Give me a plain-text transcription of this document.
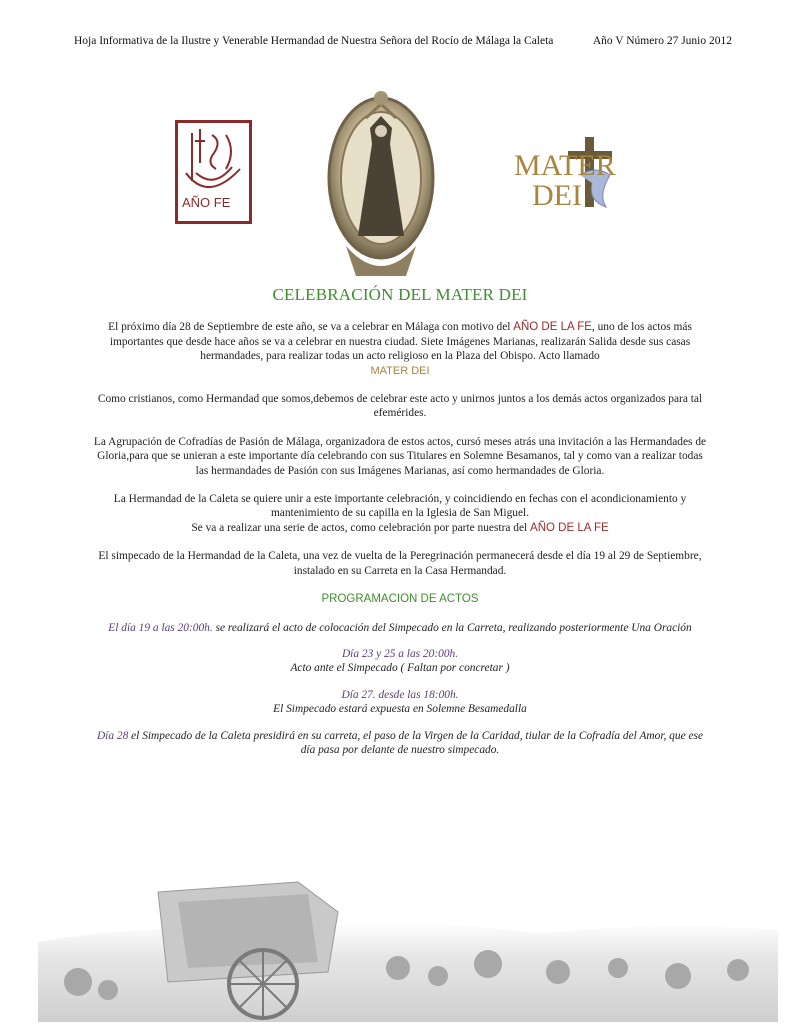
Hoja Informativa de la Ilustre y Venerable Hermandad de Nuestra Señora del Rocío de Málaga la Caleta	Año V Número 27 Junio 2012
AÑO FE
MATER
DEI
CELEBRACIÓN DEL MATER DEI

El próximo día 28 de Septiembre de este año, se va a celebrar en Málaga con motivo del AÑO DE LA FE, uno de los actos más importantes que desde hace años se va a celebrar en nuestra ciudad. Siete Imágenes Marianas, realizarán Salida desde sus casas hermandades, para realizar todas un acto religioso en la Plaza del Obispo. Acto llamado
MATER DEI

Como cristianos, como Hermandad que somos,debemos de celebrar este acto y unirnos juntos a los demás actos organizados para tal efemérides.

La Agrupación de Cofradías de Pasión de Málaga, organizadora de estos actos, cursó meses atrás una invitación a las Hermandades de Gloria,para que se unieran a este importante día celebrando con sus Titulares en Solemne Besamanos, tal y como van a realizar todas las hermandades de Pasión con sus Imágenes Marianas, así como hermandades de Gloria.

La Hermandad de la Caleta se quiere unir a este importante celebración, y coincidiendo en fechas con el acondicionamiento y mantenimiento de su capilla en la Iglesia de San Miguel.
Se va a realizar una serie de actos, como celebración por parte nuestra del AÑO DE LA FE

El simpecado de la Hermandad de la Caleta, una vez de vuelta de la Peregrinación permanecerá desde el día 19 al 29 de Septiembre, instalado en su Carreta en la Casa Hermandad.

PROGRAMACION DE ACTOS

El día 19 a las 20:00h. se realizará el acto de colocación del Simpecado en la Carreta, realizando posteriormente Una Oración

Día 23 y 25 a las 20:00h.
Acto ante el Simpecado ( Faltan por concretar )

Día 27. desde las 18:00h.
El Simpecado estará expuesta en Solemne Besamedalla

Día 28 el Simpecado de la Caleta presidirá en su carreta, el paso de la Virgen de la Caridad, tiular de la Cofradía del Amor, que ese día pasa por delante de nuestro simpecado.
